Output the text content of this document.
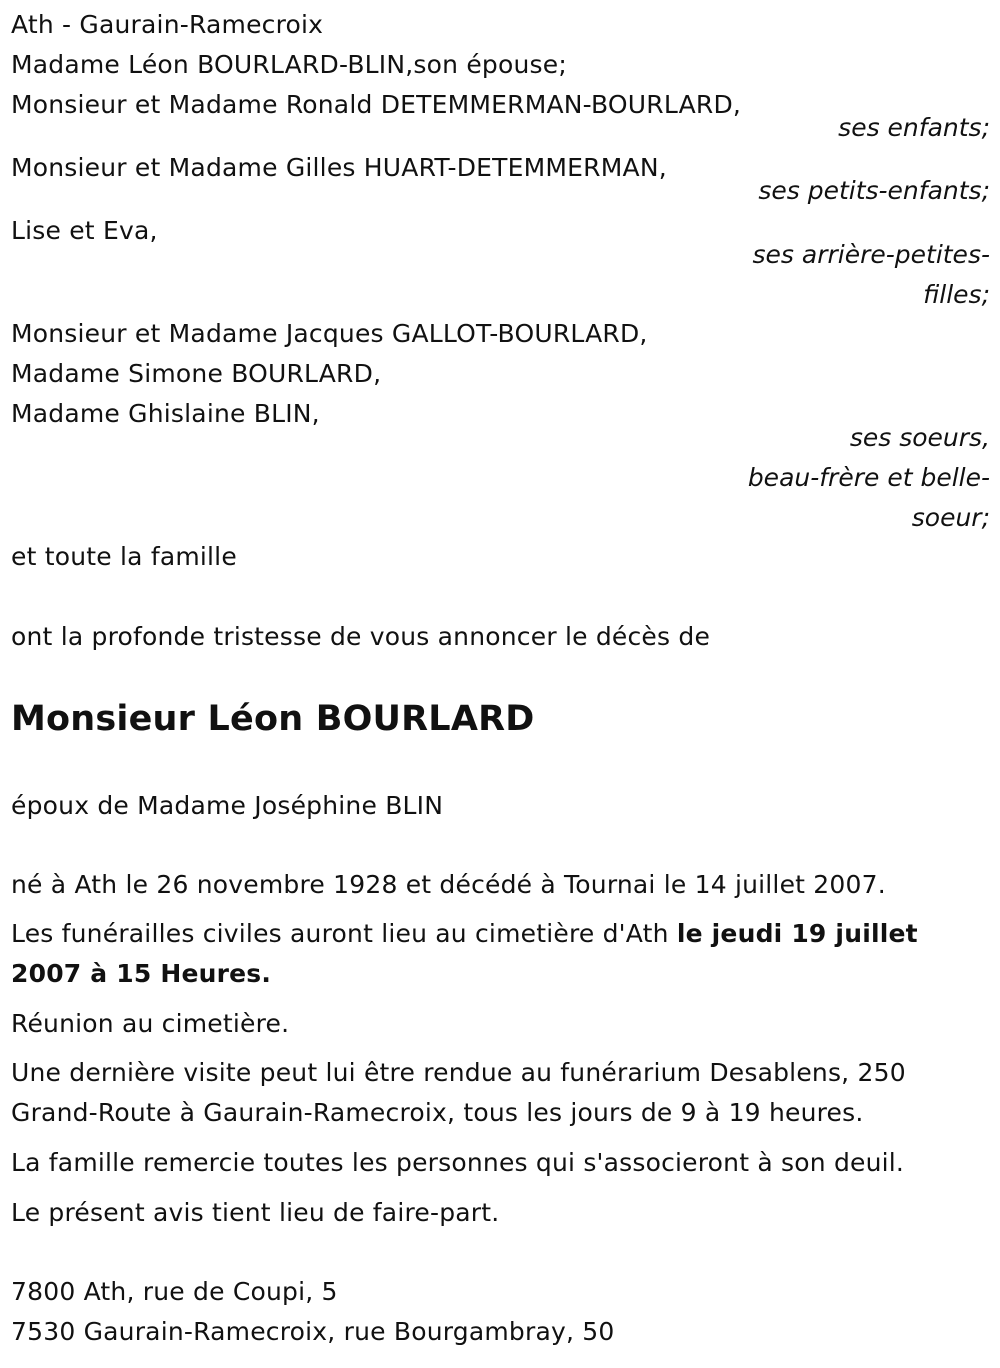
Ath - Gaurain-Ramecroix
Madame Léon BOURLARD-BLIN,son épouse;
Monsieur et Madame Ronald DETEMMERMAN-BOURLARD,
ses enfants;
Monsieur et Madame Gilles HUART-DETEMMERMAN,
ses petits-enfants;
Lise et Eva,
ses arrière-petites-
filles;
Monsieur et Madame Jacques GALLOT-BOURLARD,
Madame Simone BOURLARD,
Madame Ghislaine BLIN,
ses soeurs,
beau-frère et belle-
soeur;
et toute la famille
ont la profonde tristesse de vous annoncer le décès de
Monsieur Léon BOURLARD
époux de Madame Joséphine BLIN
né à Ath le 26 novembre 1928 et décédé à Tournai le 14 juillet 2007.
Les funérailles civiles auront lieu au cimetière d'Ath le jeudi 19 juillet
2007 à 15 Heures.
Réunion au cimetière.
Une dernière visite peut lui être rendue au funérarium Desablens, 250
Grand-Route à Gaurain-Ramecroix, tous les jours de 9 à 19 heures.
La famille remercie toutes les personnes qui s'associeront à son deuil.
Le présent avis tient lieu de faire-part.
7800 Ath, rue de Coupi, 5
7530 Gaurain-Ramecroix, rue Bourgambray, 50
